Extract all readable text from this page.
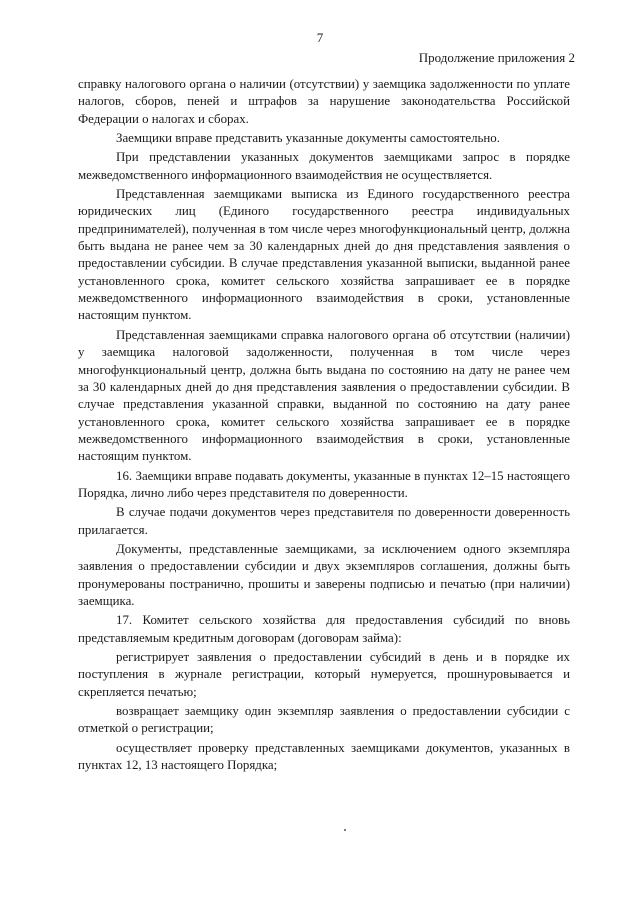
7
Продолжение приложения 2

справку налогового органа о наличии (отсутствии) у заемщика задолженности по уплате налогов, сборов, пеней и штрафов за нарушение законодательства Российской Федерации о налогах и сборах.

Заемщики вправе представить указанные документы самостоятельно.

При представлении указанных документов заемщиками запрос в порядке межведомственного информационного взаимодействия не осуществляется.

Представленная заемщиками выписка из Единого государственного реестра юридических лиц (Единого государственного реестра индивидуальных предпринимателей), полученная в том числе через многофункциональный центр, должна быть выдана не ранее чем за 30 календарных дней до дня представления заявления о предоставлении субсидии. В случае представления указанной выписки, выданной ранее установленного срока, комитет сельского хозяйства запрашивает ее в порядке межведомственного информационного взаимодействия в сроки, установленные настоящим пунктом.

Представленная заемщиками справка налогового органа об отсутствии (наличии) у заемщика налоговой задолженности, полученная в том числе через многофункциональный центр, должна быть выдана по состоянию на дату не ранее чем за 30 календарных дней до дня представления заявления о предоставлении субсидии. В случае представления указанной справки, выданной по состоянию на дату ранее установленного срока, комитет сельского хозяйства запрашивает ее в порядке межведомственного информационного взаимодействия в сроки, установленные настоящим пунктом.

16. Заемщики вправе подавать документы, указанные в пунктах 12–15 настоящего Порядка, лично либо через представителя по доверенности.

В случае подачи документов через представителя по доверенности доверенность прилагается.

Документы, представленные заемщиками, за исключением одного экземпляра заявления о предоставлении субсидии и двух экземпляров соглашения, должны быть пронумерованы постранично, прошиты и заверены подписью и печатью (при наличии) заемщика.

17. Комитет сельского хозяйства для предоставления субсидий по вновь представляемым кредитным договорам (договорам займа):

регистрирует заявления о предоставлении субсидий в день и в порядке их поступления в журнале регистрации, который нумеруется, прошнуровывается и скрепляется печатью;

возвращает заемщику один экземпляр заявления о предоставлении субсидии с отметкой о регистрации;

осуществляет проверку представленных заемщиками документов, указанных в пунктах 12, 13 настоящего Порядка;
